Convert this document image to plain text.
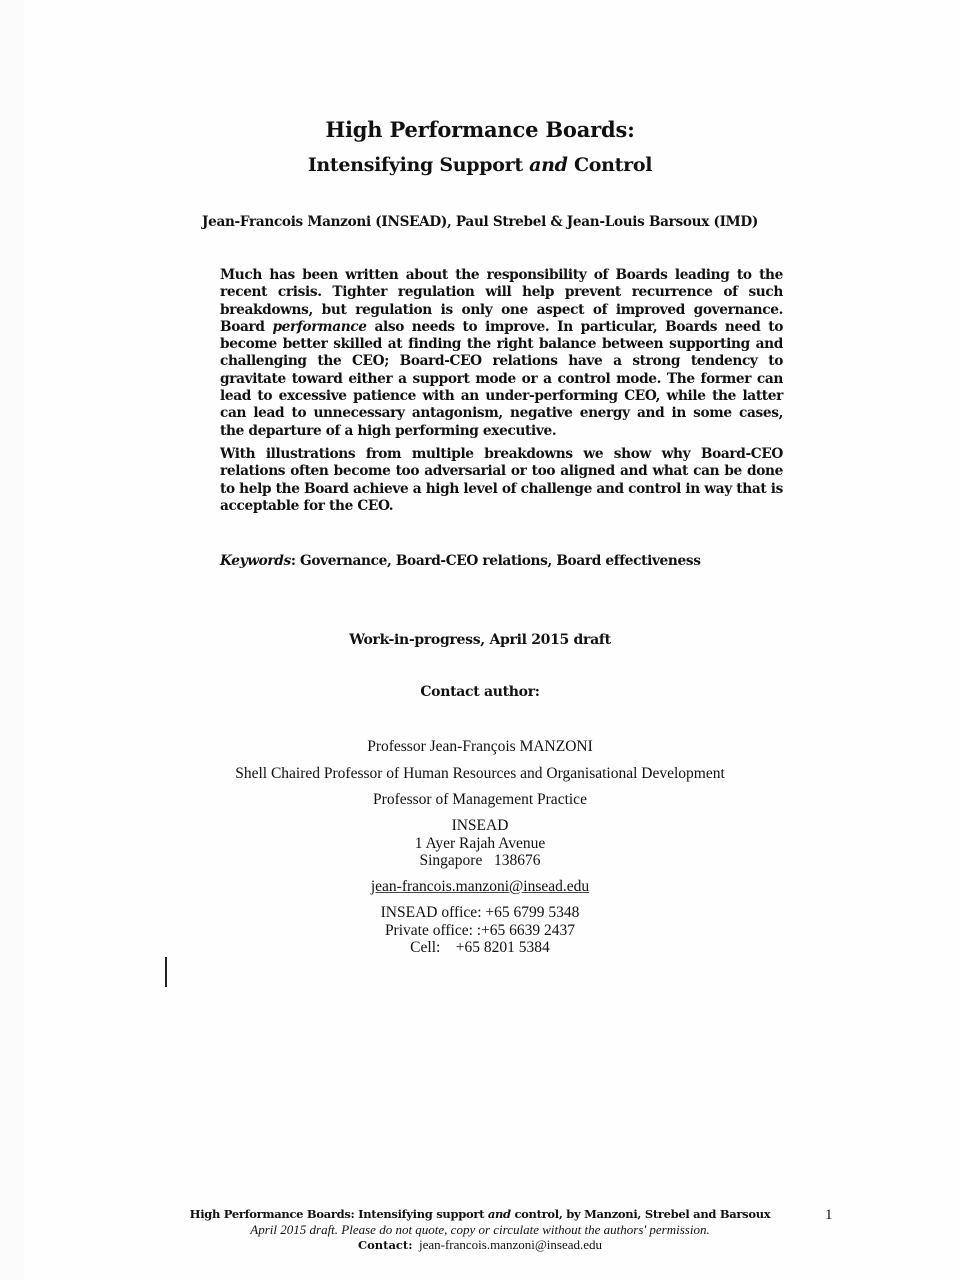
High Performance Boards:
Intensifying Support and Control
Jean-Francois Manzoni (INSEAD), Paul Strebel & Jean-Louis Barsoux (IMD)

Much has been written about the responsibility of Boards leading to the recent crisis. Tighter regulation will help prevent recurrence of such breakdowns, but regulation is only one aspect of improved governance. Board performance also needs to improve. In particular, Boards need to become better skilled at finding the right balance between supporting and challenging the CEO; Board-CEO relations have a strong tendency to gravitate toward either a support mode or a control mode. The former can lead to excessive patience with an under-performing CEO, while the latter can lead to unnecessary antagonism, negative energy and in some cases, the departure of a high performing executive.

With illustrations from multiple breakdowns we show why Board-CEO relations often become too adversarial or too aligned and what can be done to help the Board achieve a high level of challenge and control in way that is acceptable for the CEO.

Keywords: Governance, Board-CEO relations, Board effectiveness
Work-in-progress, April 2015 draft
Contact author:
Professor Jean-François MANZONI
Shell Chaired Professor of Human Resources and Organisational Development
Professor of Management Practice
INSEAD
1 Ayer Rajah Avenue
Singapore   138676
jean-francois.manzoni@insead.edu
INSEAD office: +65 6799 5348
Private office: :+65 6639 2437
Cell:    +65 8201 5384
High Performance Boards: Intensifying support and control, by Manzoni, Strebel and Barsoux
April 2015 draft. Please do not quote, copy or circulate without the authors' permission.
Contact:  jean-francois.manzoni@insead.edu
1
